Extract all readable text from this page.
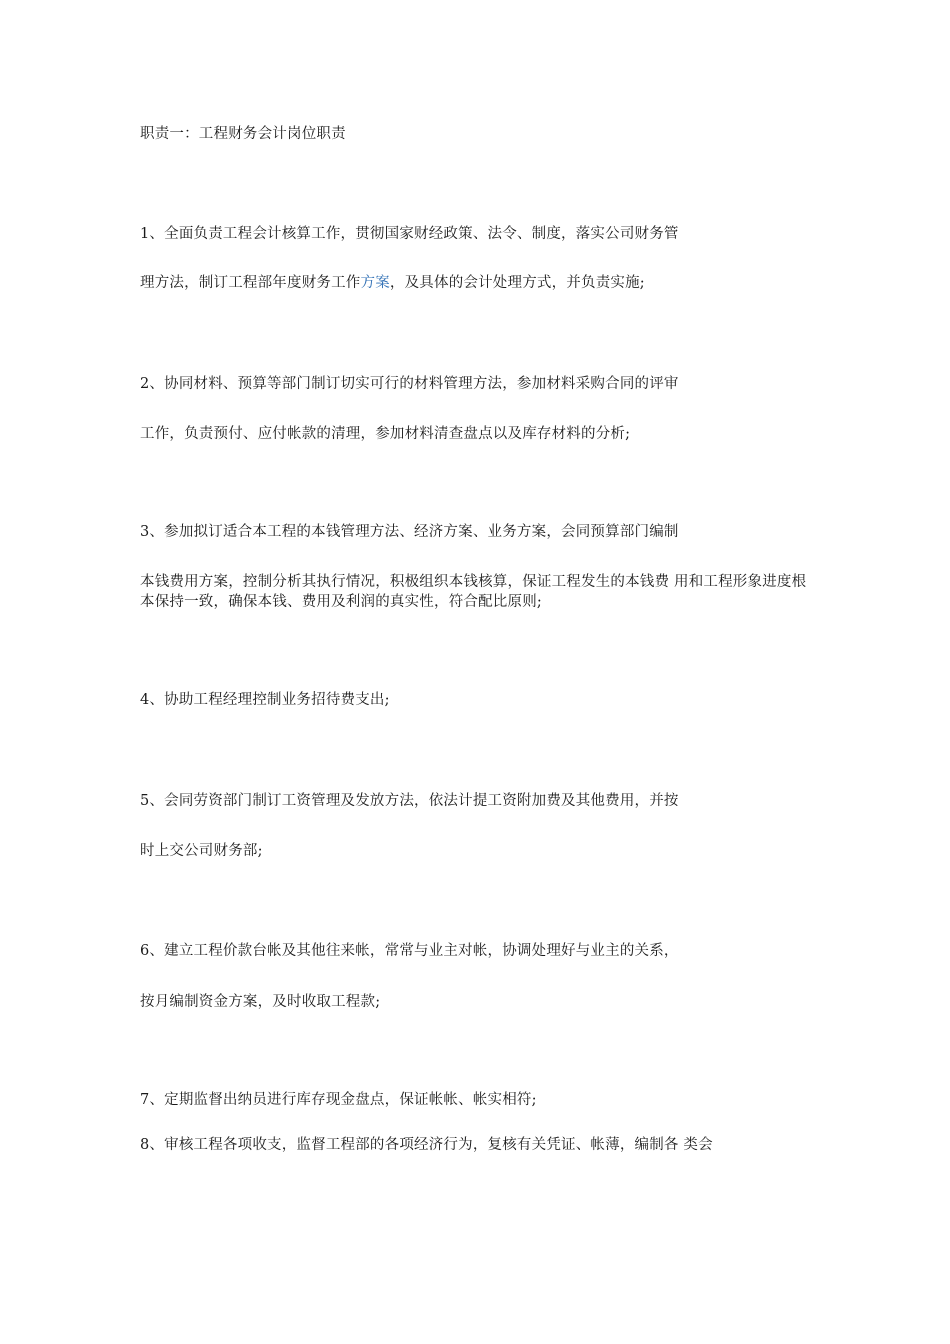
职责一：工程财务会计岗位职责

1、全面负责工程会计核算工作，贯彻国家财经政策、法令、制度，落实公司财务管

理方法，制订工程部年度财务工作方案，及具体的会计处理方式，并负责实施;

2、协同材料、预算等部门制订切实可行的材料管理方法，参加材料采购合同的评审

工作，负责预付、应付帐款的清理，参加材料清查盘点以及库存材料的分析;

3、参加拟订适合本工程的本钱管理方法、经济方案、业务方案，会同预算部门编制

本钱费用方案，控制分析其执行情况，积极组织本钱核算，保证工程发生的本钱费 用和工程形象进度根本保持一致，确保本钱、费用及利润的真实性，符合配比原则;

4、协助工程经理控制业务招待费支出;

5、会同劳资部门制订工资管理及发放方法，依法计提工资附加费及其他费用，并按

时上交公司财务部;

6、建立工程价款台帐及其他往来帐，常常与业主对帐，协调处理好与业主的关系，

按月编制资金方案，及时收取工程款;

7、定期监督出纳员进行库存现金盘点，保证帐帐、帐实相符;

8、审核工程各项收支，监督工程部的各项经济行为，复核有关凭证、帐薄，编制各 类会
